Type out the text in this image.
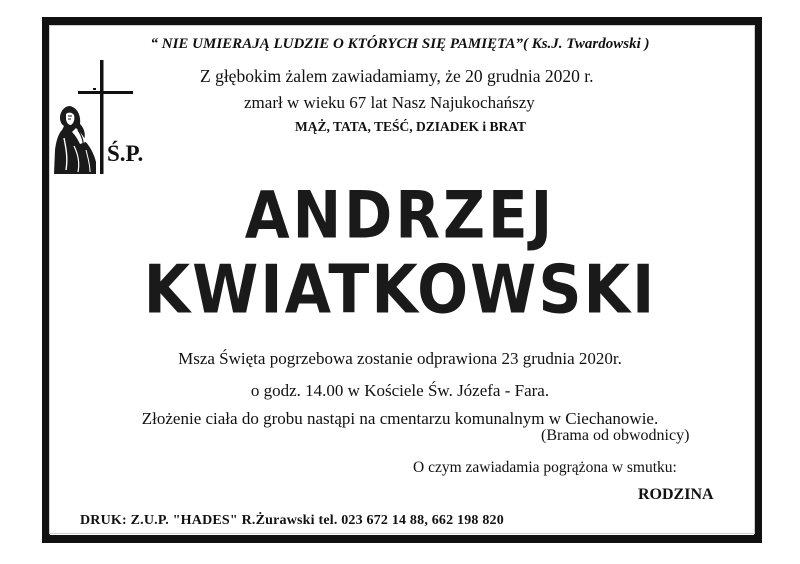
“ NIE UMIERAJĄ LUDZIE O KTÓRYCH SIĘ PAMIĘTA”( Ks.J. Twardowski )
Z głębokim żalem zawiadamiamy, że 20 grudnia 2020 r.
zmarł w wieku 67 lat Nasz Najukochańszy
MĄŻ, TATA, TEŚĆ, DZIADEK i BRAT
Ś.P.
ANDRZEJ
KWIATKOWSKI
Msza Święta pogrzebowa zostanie odprawiona 23 grudnia 2020r.
o godz. 14.00 w Kościele Św. Józefa - Fara.
Złożenie ciała do grobu nastąpi na cmentarzu komunalnym w Ciechanowie.
(Brama od obwodnicy)
O czym zawiadamia pogrążona w smutku:
RODZINA
DRUK: Z.U.P. "HADES" R.Żurawski tel. 023 672 14 88, 662 198 820
